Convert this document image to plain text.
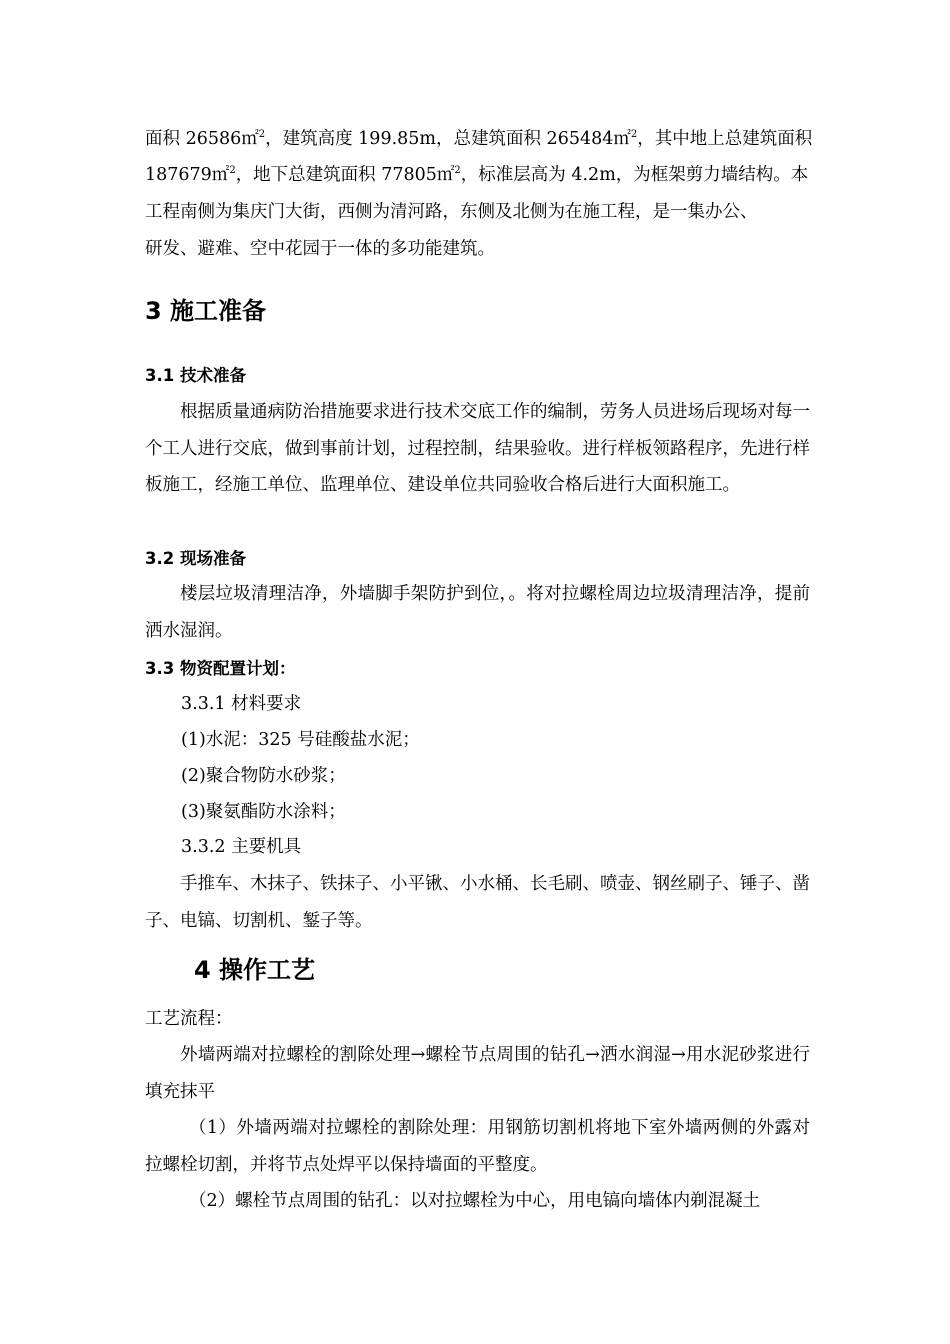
面积 26586㎡$^2$，建筑高度 199.85m，总建筑面积 265484㎡$^2$，其中地上总建筑面积
187679㎡$^2$，地下总建筑面积 77805㎡$^2$，标准层高为 4.2m，为框架剪力墙结构。本
工程南侧为集庆门大街，西侧为清河路，东侧及北侧为在施工程，是一集办公、
研发、避难、空中花园于一体的多功能建筑。
3 施工准备
3.1 技术准备

根据质量通病防治措施要求进行技术交底工作的编制，劳务人员进场后现场对每一个工人进行交底，做到事前计划，过程控制，结果验收。进行样板领路程序，先进行样板施工，经施工单位、监理单位、建设单位共同验收合格后进行大面积施工。

3.2 现场准备

楼层垃圾清理洁净，外墙脚手架防护到位，。将对拉螺栓周边垃圾清理洁净，提前洒水湿润。

3.3 物资配置计划：
3.3.1 材料要求
(1)水泥：325 号硅酸盐水泥；
(2)聚合物防水砂浆；
(3)聚氨酯防水涂料；
3.3.2 主要机具

手推车、木抹子、铁抹子、小平锹、小水桶、长毛刷、喷壶、钢丝刷子、锤子、凿子、电镐、切割机、錾子等。

4 操作工艺
工艺流程：

外墙两端对拉螺栓的割除处理→螺栓节点周围的钻孔→洒水润湿→用水泥砂浆进行填充抹平

（1）外墙两端对拉螺栓的割除处理：用钢筋切割机将地下室外墙两侧的外露对拉螺栓切割，并将节点处焊平以保持墙面的平整度。

（2）螺栓节点周围的钻孔：以对拉螺栓为中心，用电镐向墙体内剃混凝土
